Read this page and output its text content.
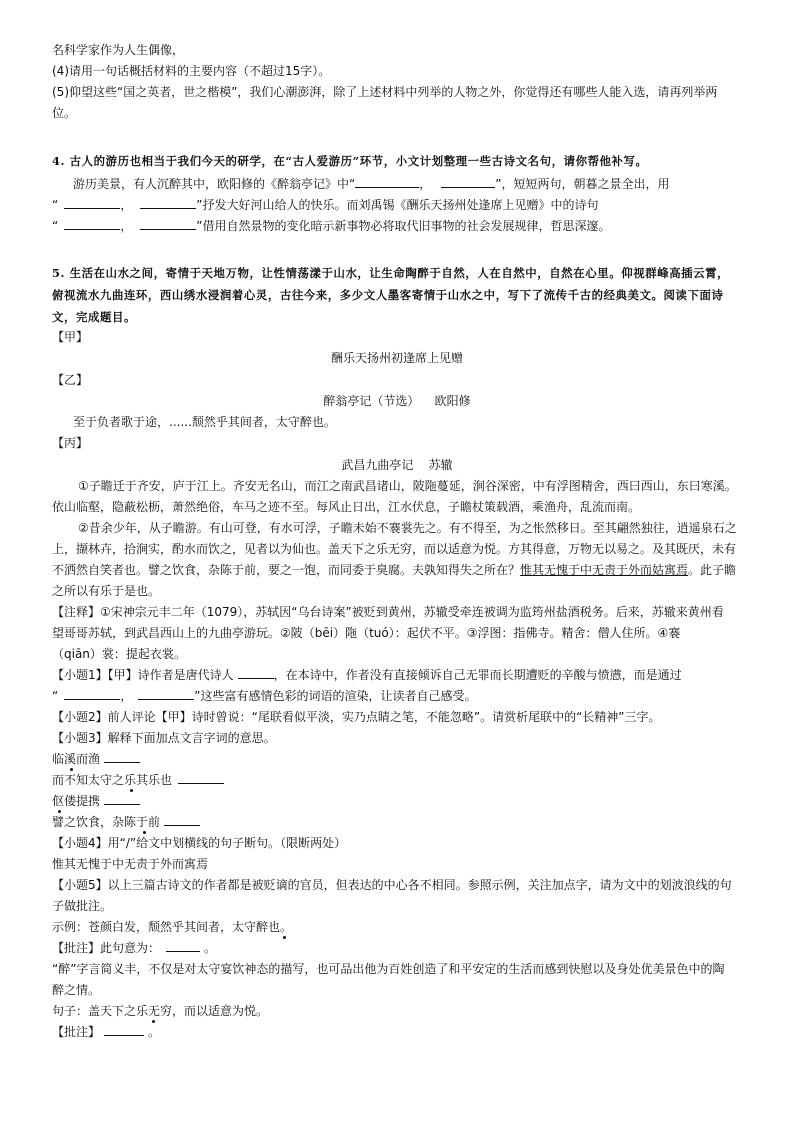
名科学家作为人生偶像，
(4)请用一句话概括材料的主要内容（不超过15字）。
(5)仰望这些“国之英者，世之楷模”，我们心潮澎湃，除了上述材料中列举的人物之外，你觉得还有哪些人能入选，请再列举两
位。
4. 古人的游历也相当于我们今天的研学，在“古人爱游历”环节，小文计划整理一些古诗文名句，请你帮他补写。
游历美景，有人沉醉其中，欧阳修的《醉翁亭记》中“	，	”，短短两句，朝暮之景全出，用
“	，	”抒发大好河山给人的快乐。而刘禹锡《酬乐天扬州处逢席上见赠》中的诗句
“	，	”借用自然景物的变化暗示新事物必将取代旧事物的社会发展规律，哲思深邃。
5. 生活在山水之间，寄情于天地万物，让性情荡漾于山水，让生命陶醉于自然，人在自然中，自然在心里。仰视群峰高插云霄，
俯视流水九曲连环，西山绣水浸润着心灵，古往今来，多少文人墨客寄情于山水之中，写下了流传千古的经典美文。阅读下面诗
文，完成题目。
【甲】
酬乐天扬州初逢席上见赠
【乙】
醉翁亭记（节选）    欧阳修
至于负者歌于途，......颓然乎其间者，太守醉也。
【丙】
武昌九曲亭记    苏辙
①子瞻迁于齐安，庐于江上。齐安无名山，而江之南武昌诸山，陂陁蔓延，涧谷深密，中有浮图精舍，西曰西山，东曰寒溪。
依山临壑，隐蔽松枥，萧然绝俗，车马之迹不至。每风止日出，江水伏息，子瞻杖策载酒，乘渔舟，乱流而南。
②昔余少年，从子瞻游。有山可登，有水可浮，子瞻未始不褰裳先之。有不得至，为之怅然移日。至其翩然独往，逍遥泉石之
上，撷林卉，拾涧实，酌水而饮之，见者以为仙也。盖天下之乐无穷，而以适意为悦。方其得意，万物无以易之。及其既厌，未有
不洒然自笑者也。譬之饮食，杂陈于前，要之一饱，而同委于臭腐。夫孰知得失之所在？惟其无愧于中无责于外而姑寓焉。此子瞻
之所以有乐于是也。
【注释】①宋神宗元丰二年（1079），苏轼因“乌台诗案”被贬到黄州，苏辙受牵连被调为监筠州盐酒税务。后来，苏辙来黄州看
望哥哥苏轼，到武昌西山上的九曲亭游玩。②陂（bēi）陁（tuó）：起伏不平。③浮图：指佛寺。精舍：僧人住所。④褰
（qiān）裳：提起衣裳。
【小题1】【甲】诗作者是唐代诗人	，在本诗中，作者没有直接倾诉自己无罪而长期遭贬的辛酸与愤懑，而是通过
“	，	”这些富有感情色彩的词语的渲染，让读者自己感受。
【小题2】前人评论【甲】诗时曾说：“尾联看似平淡，实乃点睛之笔，不能忽略”。请赏析尾联中的“长精神”三字。
【小题3】解释下面加点文言字词的意思。
临溪而渔
而不知太守之乐其乐也
伛偻提携
譬之饮食，杂陈于前
【小题4】用“/”给文中划横线的句子断句。（限断两处）
惟其无愧于中无责于外而寓焉
【小题5】以上三篇古诗文的作者都是被贬谪的官员，但表达的中心各不相同。参照示例，关注加点字，请为文中的划波浪线的句
子做批注。
示例：苍颜白发，颓然乎其间者，太守醉也。
【批注】此句意为：	。
“醉”字言简义丰，不仅是对太守宴饮神态的描写，也可品出他为百姓创造了和平安定的生活而感到快慰以及身处优美景色中的陶
醉之情。
句子：盖天下之乐无穷，而以适意为悦。
【批注】	。
